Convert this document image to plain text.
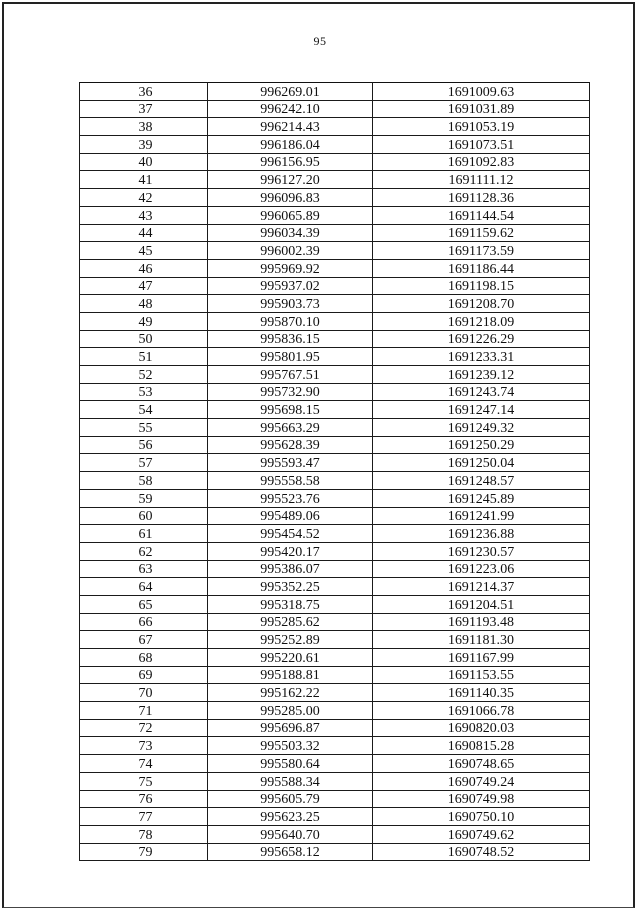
95
36	996269.01	1691009.63
37	996242.10	1691031.89
38	996214.43	1691053.19
39	996186.04	1691073.51
40	996156.95	1691092.83
41	996127.20	1691111.12
42	996096.83	1691128.36
43	996065.89	1691144.54
44	996034.39	1691159.62
45	996002.39	1691173.59
46	995969.92	1691186.44
47	995937.02	1691198.15
48	995903.73	1691208.70
49	995870.10	1691218.09
50	995836.15	1691226.29
51	995801.95	1691233.31
52	995767.51	1691239.12
53	995732.90	1691243.74
54	995698.15	1691247.14
55	995663.29	1691249.32
56	995628.39	1691250.29
57	995593.47	1691250.04
58	995558.58	1691248.57
59	995523.76	1691245.89
60	995489.06	1691241.99
61	995454.52	1691236.88
62	995420.17	1691230.57
63	995386.07	1691223.06
64	995352.25	1691214.37
65	995318.75	1691204.51
66	995285.62	1691193.48
67	995252.89	1691181.30
68	995220.61	1691167.99
69	995188.81	1691153.55
70	995162.22	1691140.35
71	995285.00	1691066.78
72	995696.87	1690820.03
73	995503.32	1690815.28
74	995580.64	1690748.65
75	995588.34	1690749.24
76	995605.79	1690749.98
77	995623.25	1690750.10
78	995640.70	1690749.62
79	995658.12	1690748.52
